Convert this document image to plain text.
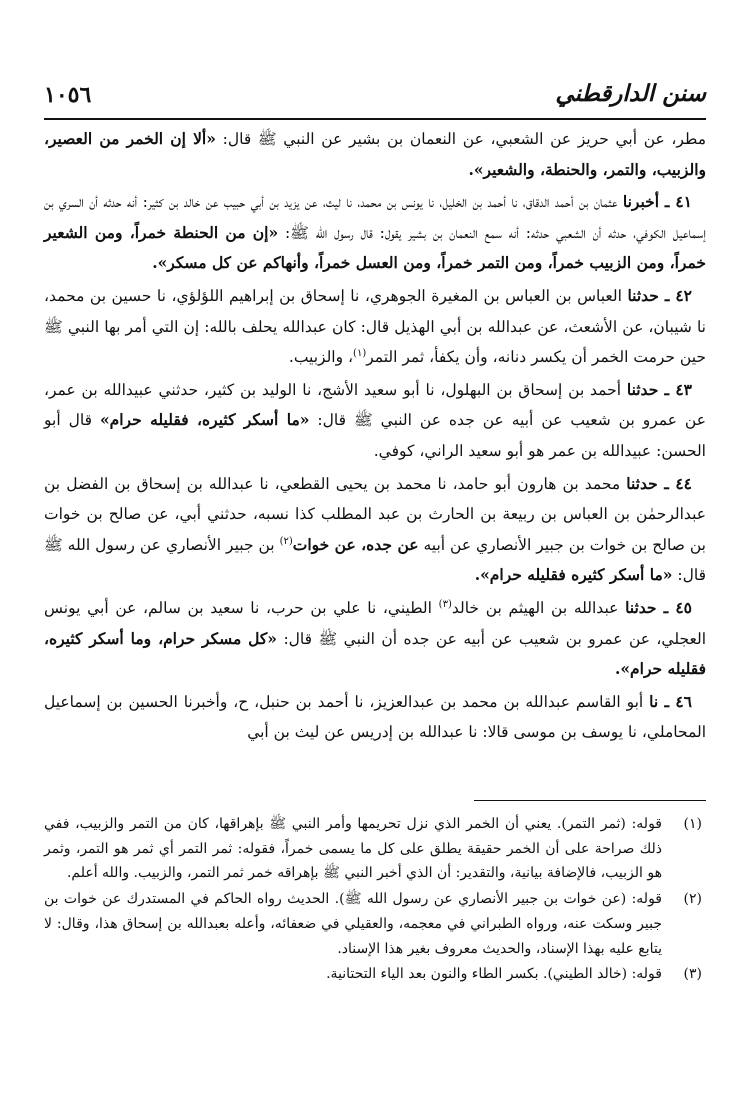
سنن الدارقطني
١٠٥٦

مطر، عن أبي حريز عن الشعبي، عن النعمان بن بشير عن النبي ﷺ قال: «ألا إن الخمر من العصير، والزبيب، والتمر، والحنطة، والشعير».

٤١ ـ أخبرنا عثمان بن أحمد الدقاق، نا أحمد بن الخليل، نا يونس بن محمد، نا ليث، عن يزيد بن أبي حبيب عن خالد بن كثير: أنه حدثه أن السري بن إسماعيل الكوفي، حدثه أن الشعبي حدثه: أنه سمع النعمان بن بشير يقول: قال رسول الله ﷺ: «إن من الحنطة خمراً، ومن الشعير خمراً، ومن الزبيب خمراً، ومن التمر خمراً، ومن العسل خمراً، وأنهاكم عن كل مسكر».

٤٢ ـ حدثنا العباس بن العباس بن المغيرة الجوهري، نا إسحاق بن إبراهيم اللؤلؤي، نا حسين بن محمد، نا شيبان، عن الأشعث، عن عبدالله بن أبي الهذيل قال: كان عبدالله يحلف بالله: إن التي أمر بها النبي ﷺ حين حرمت الخمر أن يكسر دنانه، وأن يكفأ، ثمر التمر$^{(١)}$، والزبيب.

٤٣ ـ حدثنا أحمد بن إسحاق بن البهلول، نا أبو سعيد الأشج، نا الوليد بن كثير، حدثني عبيدالله بن عمر، عن عمرو بن شعيب عن أبيه عن جده عن النبي ﷺ قال: «ما أسكر كثيره، فقليله حرام» قال أبو الحسن: عبيدالله بن عمر هو أبو سعيد الراني، كوفي.

٤٤ ـ حدثنا محمد بن هارون أبو حامد، نا محمد بن يحيى القطعي، نا عبدالله بن إسحاق بن الفضل بن عبدالرحمٰن بن العباس بن ربيعة بن الحارث بن عبد المطلب كذا نسبه، حدثني أبي، عن صالح بن خوات بن صالح بن خوات بن جبير الأنصاري عن أبيه عن جده، عن خوات$^{(٢)}$ بن جبير الأنصاري عن رسول الله ﷺ قال: «ما أسكر كثيره فقليله حرام».

٤٥ ـ حدثنا عبدالله بن الهيثم بن خالد$^{(٣)}$ الطيني، نا علي بن حرب، نا سعيد بن سالم، عن أبي يونس العجلي، عن عمرو بن شعيب عن أبيه عن جده أن النبي ﷺ قال: «كل مسكر حرام، وما أسكر كثيره، فقليله حرام».

٤٦ ـ نا أبو القاسم عبدالله بن محمد بن عبدالعزيز، نا أحمد بن حنبل، ح، وأخبرنا الحسين بن إسماعيل المحاملي، نا يوسف بن موسى قالا: نا عبدالله بن إدريس عن ليث بن أبي

(١)
قوله: (ثمر التمر). يعني أن الخمر الذي نزل تحريمها وأمر النبي ﷺ بإهراقها، كان من التمر والزبيب، ففي ذلك صراحة على أن الخمر حقيقة يطلق على كل ما يسمى خمراً، فقوله: ثمر التمر أي ثمر هو التمر، وثمر هو الزبيب، فالإضافة بيانية، والتقدير: أن الذي أخبر النبي ﷺ بإهراقه خمر ثمر التمر، والزبيب. والله أعلم.
(٢)
قوله: (عن خوات بن جبير الأنصاري عن رسول الله ﷺ). الحديث رواه الحاكم في المستدرك عن خوات بن جبير وسكت عنه، ورواه الطبراني في معجمه، والعقيلي في ضعفائه، وأعله بعبدالله بن إسحاق هذا، وقال: لا يتابع عليه بهذا الإسناد، والحديث معروف بغير هذا الإسناد.
(٣)
قوله: (خالد الطيني). بكسر الطاء والنون بعد الياء التحتانية.
